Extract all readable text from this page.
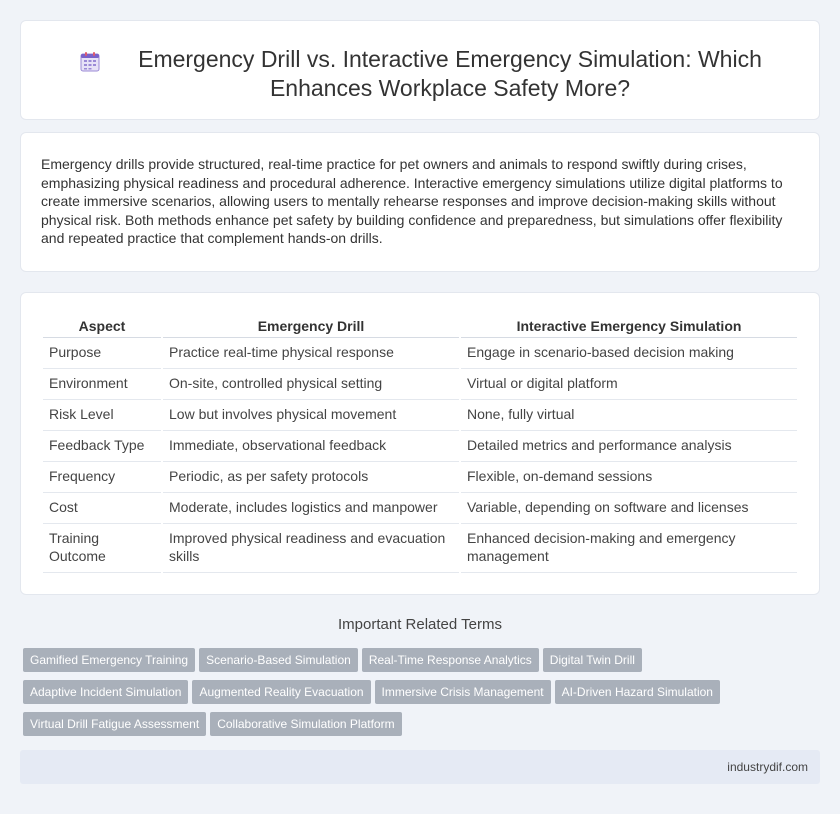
Emergency Drill vs. Interactive Emergency Simulation: Which Enhances Workplace Safety More?

Emergency drills provide structured, real-time practice for pet owners and animals to respond swiftly during crises, emphasizing physical readiness and procedural adherence. Interactive emergency simulations utilize digital platforms to create immersive scenarios, allowing users to mentally rehearse responses and improve decision-making skills without physical risk. Both methods enhance pet safety by building confidence and preparedness, but simulations offer flexibility and repeated practice that complement hands-on drills.

Aspect	Emergency Drill	Interactive Emergency Simulation
Purpose	Practice real-time physical response	Engage in scenario-based decision making
Environment	On-site, controlled physical setting	Virtual or digital platform
Risk Level	Low but involves physical movement	None, fully virtual
Feedback Type	Immediate, observational feedback	Detailed metrics and performance analysis
Frequency	Periodic, as per safety protocols	Flexible, on-demand sessions
Cost	Moderate, includes logistics and manpower	Variable, depending on software and licenses
Training Outcome	Improved physical readiness and evacuation skills	Enhanced decision-making and emergency management
Important Related Terms
Gamified Emergency Training Scenario-Based Simulation Real-Time Response Analytics Digital Twin Drill
Adaptive Incident Simulation Augmented Reality Evacuation Immersive Crisis Management AI-Driven Hazard Simulation
Virtual Drill Fatigue Assessment Collaborative Simulation Platform
industrydif.com
